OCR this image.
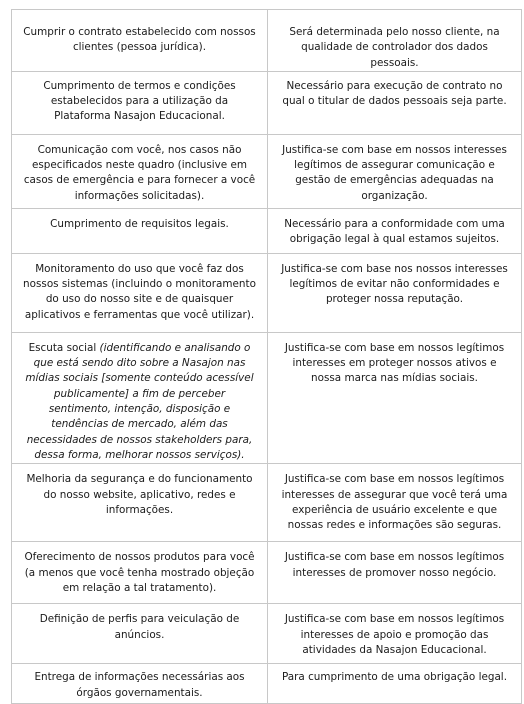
Cumprir o contrato estabelecido com nossos clientes (pessoa jurídica).	Será determinada pelo nosso cliente, na qualidade de controlador dos dados pessoais.

Cumprimento de termos e condições estabelecidos para a utilização da Plataforma Nasajon Educacional.	Necessário para execução de contrato no qual o titular de dados pessoais seja parte.

Comunicação com você, nos casos não especificados neste quadro (inclusive em casos de emergência e para fornecer a você informações solicitadas).	Justifica-se com base em nossos interesses legítimos de assegurar comunicação e gestão de emergências adequadas na organização.

Cumprimento de requisitos legais.	Necessário para a conformidade com uma obrigação legal à qual estamos sujeitos.

Monitoramento do uso que você faz dos nossos sistemas (incluindo o monitoramento do uso do nosso site e de quaisquer aplicativos e ferramentas que você utilizar).	Justifica-se com base nos nossos interesses legítimos de evitar não conformidades e proteger nossa reputação.

Escuta social (identificando e analisando o que está sendo dito sobre a Nasajon nas mídias sociais [somente conteúdo acessível publicamente] a fim de perceber sentimento, intenção, disposição e tendências de mercado, além das necessidades de nossos stakeholders para, dessa forma, melhorar nossos serviços).	Justifica-se com base em nossos legítimos interesses em proteger nossos ativos e nossa marca nas mídias sociais.

Melhoria da segurança e do funcionamento do nosso website, aplicativo, redes e informações.	Justifica-se com base em nossos legítimos interesses de assegurar que você terá uma experiência de usuário excelente e que nossas redes e informações são seguras.

Oferecimento de nossos produtos para você (a menos que você tenha mostrado objeção em relação a tal tratamento).	Justifica-se com base em nossos legítimos interesses de promover nosso negócio.

Definição de perfis para veiculação de anúncios.	Justifica-se com base em nossos legítimos interesses de apoio e promoção das atividades da Nasajon Educacional.

Entrega de informações necessárias aos órgãos governamentais.	Para cumprimento de uma obrigação legal.
